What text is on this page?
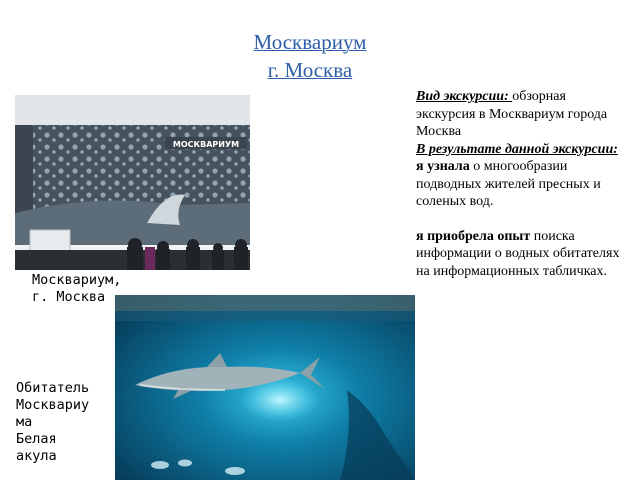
Москвариум
г. Москва
МОСКВАРИУМ
Москвариум,
г. Москва

Вид экскурсии: обзорная экскурсия в Москвариум города Москва

В результате данной экскурсии: я узнала о многообразии подводных жителей пресных и соленых вод.

я приобрела опыт поиска информации о водных обитателях на информационных табличках.

Обитатель
Москвариу
ма
Белая
акула
